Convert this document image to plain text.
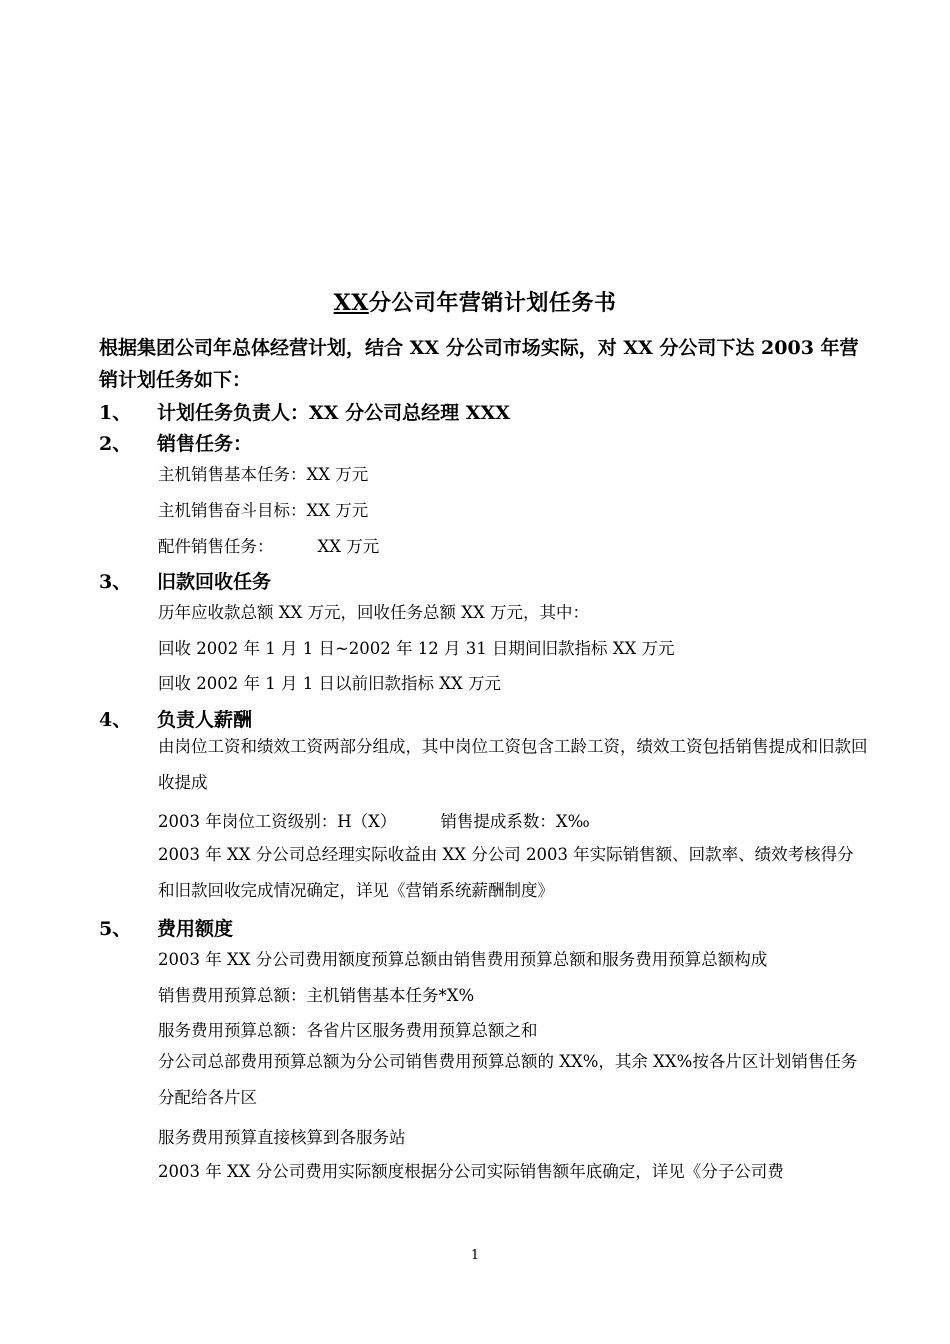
XX分公司年营销计划任务书
根据集团公司年总体经营计划，结合 XX 分公司市场实际，对 XX 分公司下达 2003 年营销计划任务如下：
1、 计划任务负责人：XX 分公司总经理 XXX
2、 销售任务：
主机销售基本任务：XX 万元
主机销售奋斗目标：XX 万元
配件销售任务：	XX 万元
3、 旧款回收任务
历年应收款总额 XX 万元，回收任务总额 XX 万元，其中：
回收 2002 年 1 月 1 日~2002 年 12 月 31 日期间旧款指标 XX 万元
回收 2002 年 1 月 1 日以前旧款指标 XX 万元
4、 负责人薪酬
由岗位工资和绩效工资两部分组成，其中岗位工资包含工龄工资，绩效工资包括销售提成和旧款回收提成
2003 年岗位工资级别：H（X）	销售提成系数：X‰
2003 年 XX 分公司总经理实际收益由 XX 分公司 2003 年实际销售额、回款率、绩效考核得分和旧款回收完成情况确定，详见《营销系统薪酬制度》
5、 费用额度
2003 年 XX 分公司费用额度预算总额由销售费用预算总额和服务费用预算总额构成
销售费用预算总额：主机销售基本任务*X%
服务费用预算总额：各省片区服务费用预算总额之和
分公司总部费用预算总额为分公司销售费用预算总额的 XX%，其余 XX%按各片区计划销售任务分配给各片区
服务费用预算直接核算到各服务站
2003 年 XX 分公司费用实际额度根据分公司实际销售额年底确定，详见《分子公司费
1
